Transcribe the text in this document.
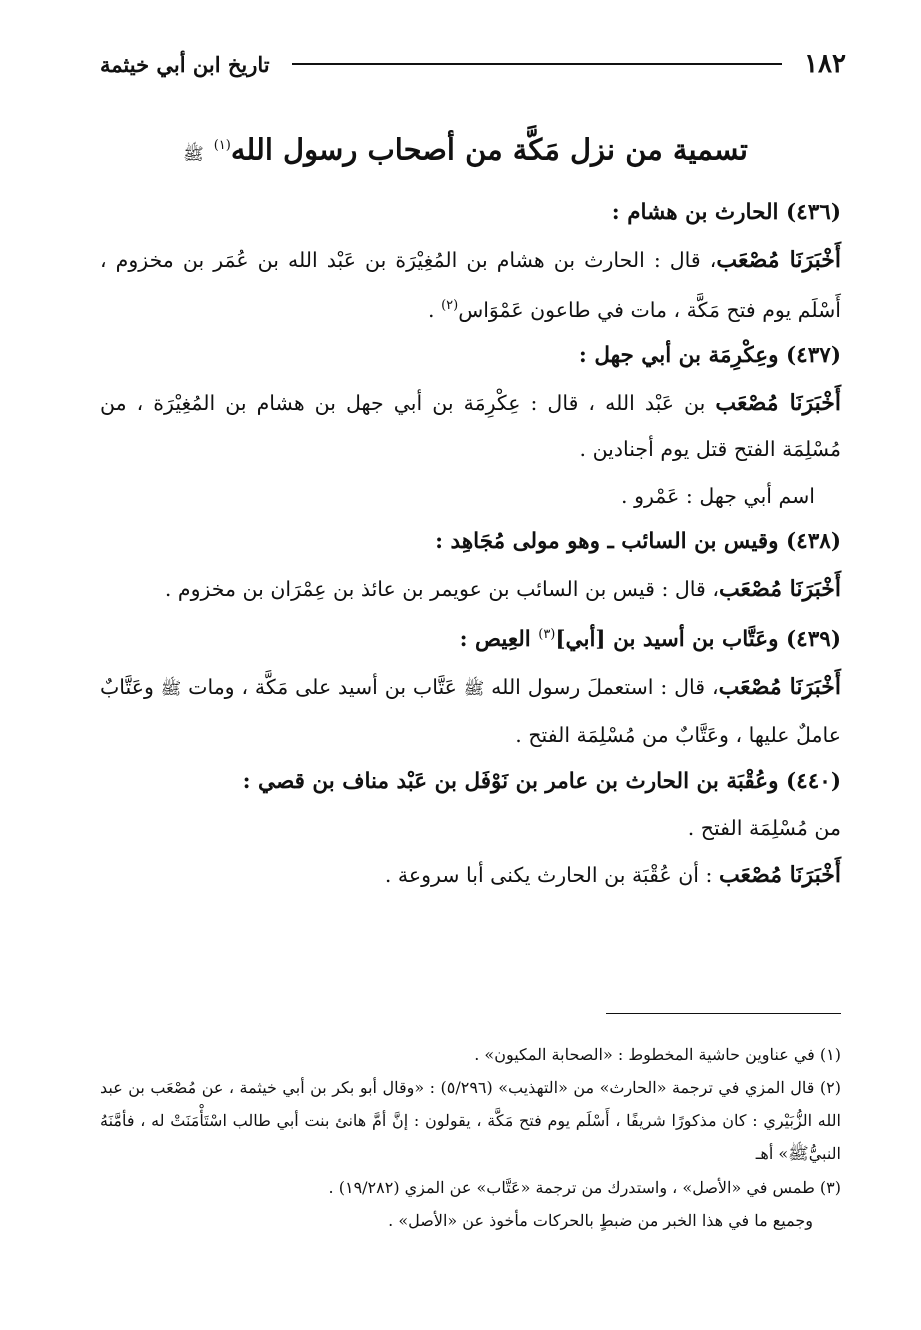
١٨٢
تاريخ ابن أبي خيثمة
تسمية من نزل مَكَّة من أصحاب رسول الله$^{(١)}$ ﷺ

(٤٣٦) الحارث بن هشام :

أَخْبَرَنَا مُصْعَب، قال : الحارث بن هشام بن المُغِيْرَة بن عَبْد الله بن عُمَر بن مخزوم ، أَسْلَم يوم فتح مَكَّة ، مات في طاعون عَمْوَاس$^{(٢)}$ .

(٤٣٧) وعِكْرِمَة بن أبي جهل :

أَخْبَرَنَا مُصْعَب بن عَبْد الله ، قال : عِكْرِمَة بن أبي جهل بن هشام بن المُغِيْرَة ، من مُسْلِمَة الفتح قتل يوم أجنادين .

اسم أبي جهل : عَمْرو .

(٤٣٨) وقيس بن السائب ـ وهو مولى مُجَاهِد :

أَخْبَرَنَا مُصْعَب، قال : قيس بن السائب بن عويمر بن عائذ بن عِمْرَان بن مخزوم .

(٤٣٩) وعَتَّاب بن أسيد بن [أبي]$^{(٣)}$ العِيص :

أَخْبَرَنَا مُصْعَب، قال : استعملَ رسول الله ﷺ عَتَّاب بن أسيد على مَكَّة ، ومات ﷺ وعَتَّابٌ عاملٌ عليها ، وعَتَّابٌ من مُسْلِمَة الفتح .

(٤٤٠) وعُقْبَة بن الحارث بن عامر بن نَوْفَل بن عَبْد مناف بن قصي :

من مُسْلِمَة الفتح .

أَخْبَرَنَا مُصْعَب : أن عُقْبَة بن الحارث يكنى أبا سروعة .

(١) في عناوين حاشية المخطوط : «الصحابة المكيون» .

(٢) قال المزي في ترجمة «الحارث» من «التهذيب» (٥/٢٩٦) : «وقال أبو بكر بن أبي خيثمة ، عن مُصْعَب بن عبد الله الزُّبَيْري : كان مذكورًا شريفًا ، أَسْلَم يوم فتح مَكَّة ، يقولون : إنَّ أمَّ هانئ بنت أبي طالب اسْتَأْمَنَتْ له ، فأمَّنَهُ النبيُّﷺ» أهـ

(٣) طمس في «الأصل» ، واستدرك من ترجمة «عَتَّاب» عن المزي (١٩/٢٨٢) .

وجميع ما في هذا الخبر من ضبطٍ بالحركات مأخوذ عن «الأصل» .
